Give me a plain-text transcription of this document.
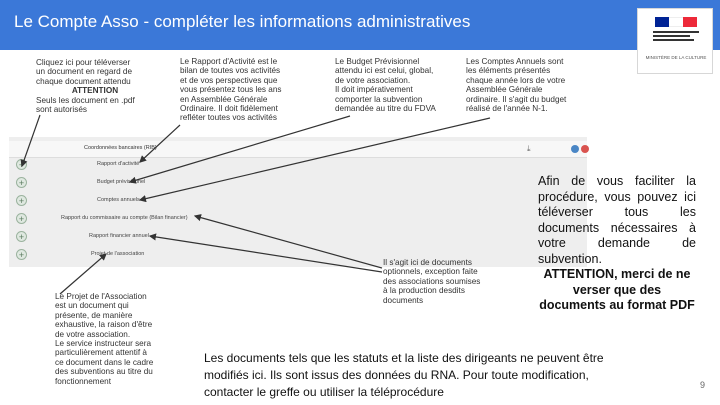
Le Compte Asso - compléter les informations administratives
MINISTÈRE DE LA CULTURE
Cliquez ici pour téléverser
un document en regard de
chaque document attendu
ATTENTION
Seuls les document en .pdf
sont autorisés
Le Rapport d'Activité est le
bilan de toutes vos activités
et de vos perspectives que
vous présentez tous les ans
en Assemblée Générale
Ordinaire. Il doit fidèlement
refléter toutes vos activités
Le Budget Prévisionnel
attendu ici est celui, global,
de votre association.
Il doit impérativement
comporter la subvention
demandée au titre du FDVA
Les Comptes Annuels sont
les éléments présentés
chaque année lors de votre
Assemblée Générale
ordinaire. Il s'agit du budget
réalisé de l'année N-1.
Coordonnées bancaires (RIB)	⤓
+	Rapport d'activité
+	Budget prévisionnel
+	Comptes annuels
+	Rapport du commissaire au compte (Bilan financier)
+	Rapport financier annuel
+	Projet de l'association
Il s'agit ici de documents
optionnels, exception faite
des associations soumises
à la production desdits
documents
Le Projet de l'Association
est un document qui
présente, de manière
exhaustive, la raison d'être
de votre association.
Le service instructeur sera
particulièrement attentif à
ce document dans le cadre
des subventions au titre du
fonctionnement
Afin de vous faciliter la procédure, vous pouvez ici téléverser tous les documents nécessaires à votre demande de subvention.
ATTENTION, merci de ne verser que des documents au format PDF
Les documents tels que les statuts et la liste des dirigeants ne peuvent être modifiés ici. Ils sont issus des données du RNA. Pour toute modification, contacter le greffe ou utiliser la téléprocédure	9
